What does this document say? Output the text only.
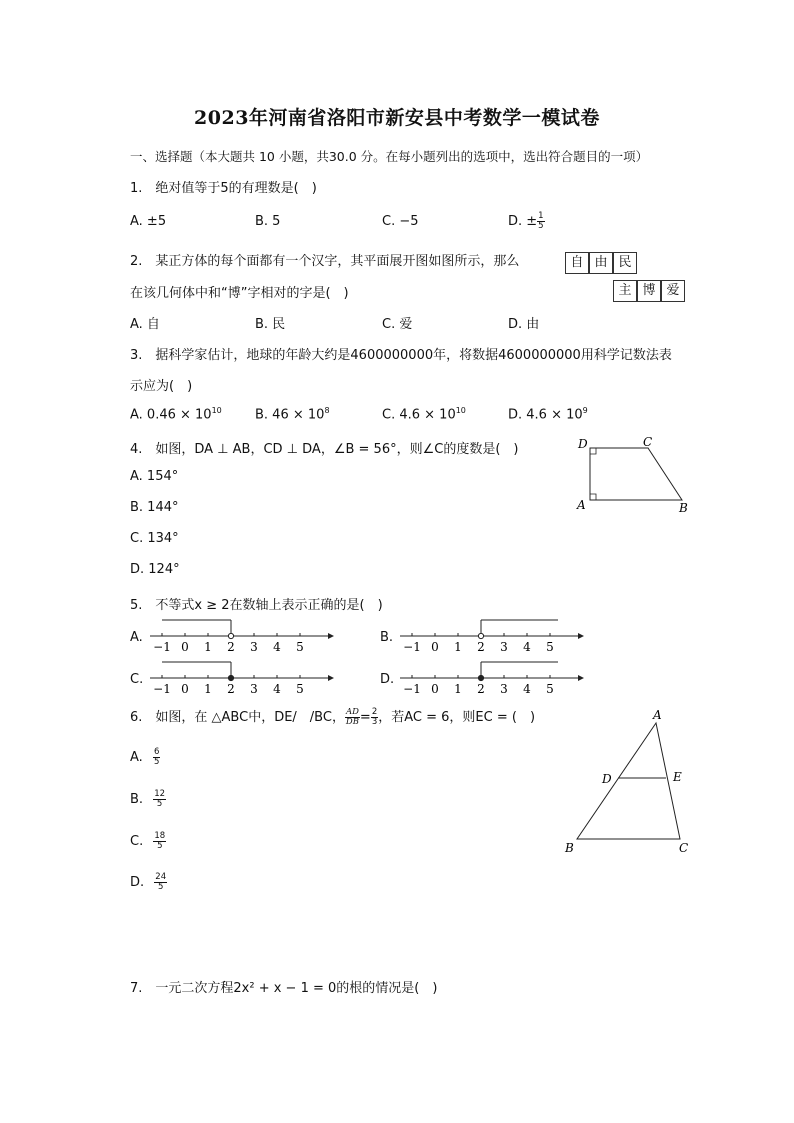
2023年河南省洛阳市新安县中考数学一模试卷
一、选择题（本大题共 10 小题，共30.0 分。在每小题列出的选项中，选出符合题目的一项）
1.　绝对值等于5的有理数是(　)
A. ±5	B. 5	C. −5	D. ± $\frac{1}{5}$
2.　某正方体的每个面都有一个汉字，其平面展开图如图所示，那么
在该几何体中和“博”字相对的字是(　)
自 由 民
主 博 爱
A. 自	B. 民	C. 爱	D. 由
3.　据科学家估计，地球的年龄大约是4600000000年，将数据4600000000用科学记数法表
示应为(　)
A. $0.46 \times 10^{10}$	B. $46 \times 10^8$	C. $4.6 \times 10^{10}$	D. $4.6 \times 10^9$
4.　如图，DA ⊥ AB，CD ⊥ DA，∠B = 56°，则∠C的度数是(　)
A. 154°
B. 144°
C. 134°
D. 124°
D	C
A	B
5.　不等式x ≥ 2在数轴上表示正确的是(　)
A.	B.
C.	D.
−1 0 1 2 3 4 5	−1 0 1 2 3 4 5
−1 0 1 2 3 4 5	−1 0 1 2 3 4 5
6.　如图，在 △ABC中，DE/　/BC， $\frac{AD}{DB} = \frac{2}{3}$ ，若AC = 6，则EC = (　)
A. $\frac{6}{5}$
B. $\frac{12}{5}$
C. $\frac{18}{5}$
D. $\frac{24}{5}$
A
D	E
B	C
7.　一元二次方程2x² + x − 1 = 0的根的情况是(　)
